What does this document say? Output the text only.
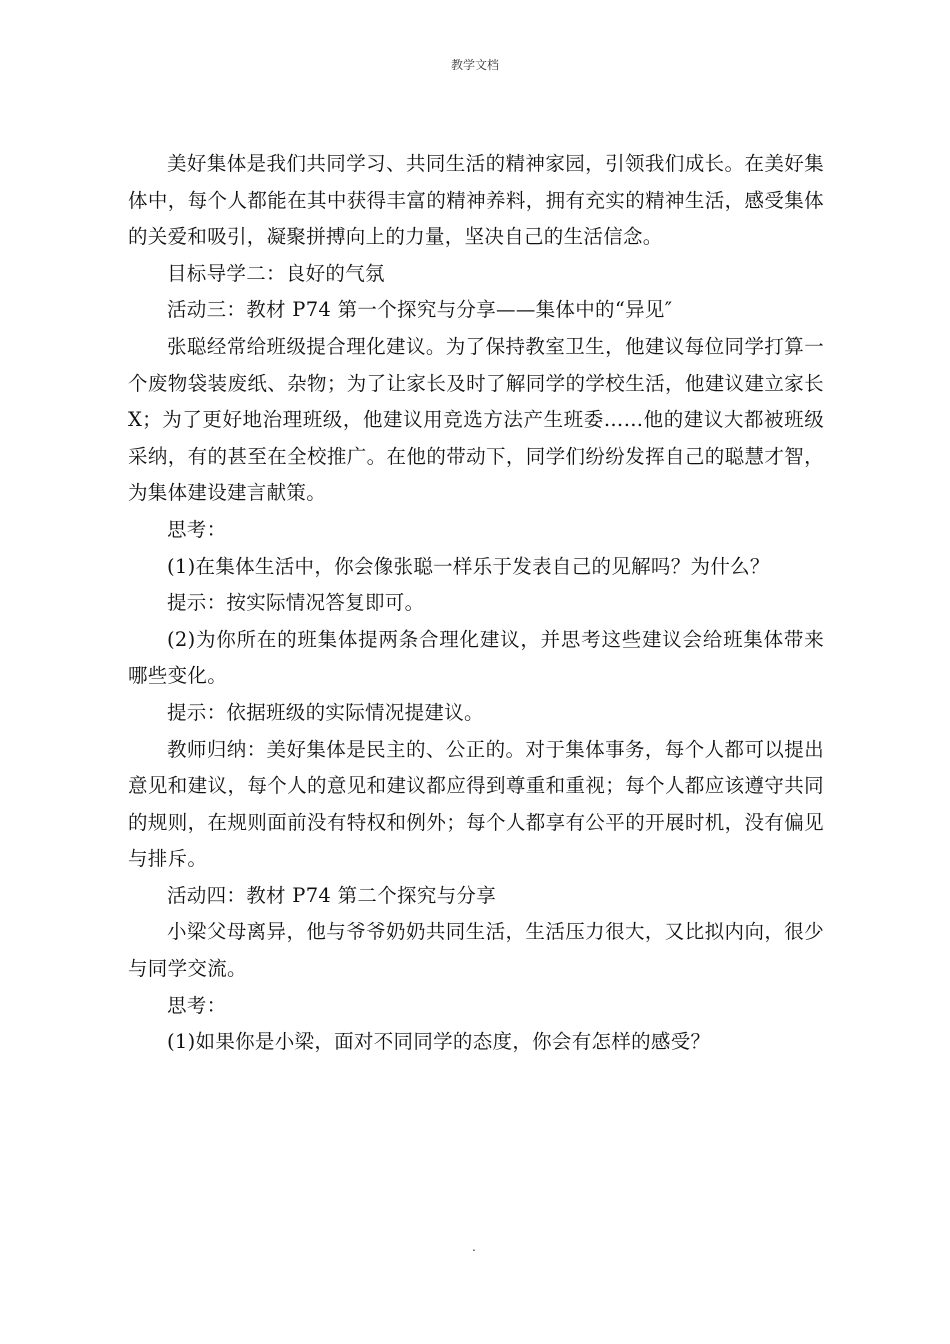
教学文档

美好集体是我们共同学习、共同生活的精神家园，引领我们成长。在美好集体中，每个人都能在其中获得丰富的精神养料，拥有充实的精神生活，感受集体的关爱和吸引，凝聚拼搏向上的力量，坚决自己的生活信念。

目标导学二：良好的气氛

活动三：教材 P74 第一个探究与分享——集体中的“异见″

张聪经常给班级提合理化建议。为了保持教室卫生，他建议每位同学打算一个废物袋装废纸、杂物；为了让家长及时了解同学的学校生活，他建议建立家长 X；为了更好地治理班级，他建议用竞选方法产生班委……他的建议大都被班级采纳，有的甚至在全校推广。在他的带动下，同学们纷纷发挥自己的聪慧才智，为集体建设建言献策。

思考：

(1)在集体生活中，你会像张聪一样乐于发表自己的见解吗？为什么？

提示：按实际情况答复即可。

(2)为你所在的班集体提两条合理化建议，并思考这些建议会给班集体带来哪些变化。

提示：依据班级的实际情况提建议。

教师归纳：美好集体是民主的、公正的。对于集体事务，每个人都可以提出意见和建议，每个人的意见和建议都应得到尊重和重视；每个人都应该遵守共同的规则，在规则面前没有特权和例外；每个人都享有公平的开展时机，没有偏见与排斥。

活动四：教材 P74 第二个探究与分享

小梁父母离异，他与爷爷奶奶共同生活，生活压力很大，又比拟内向，很少与同学交流。

思考：

(1)如果你是小梁，面对不同同学的态度，你会有怎样的感受？

.
